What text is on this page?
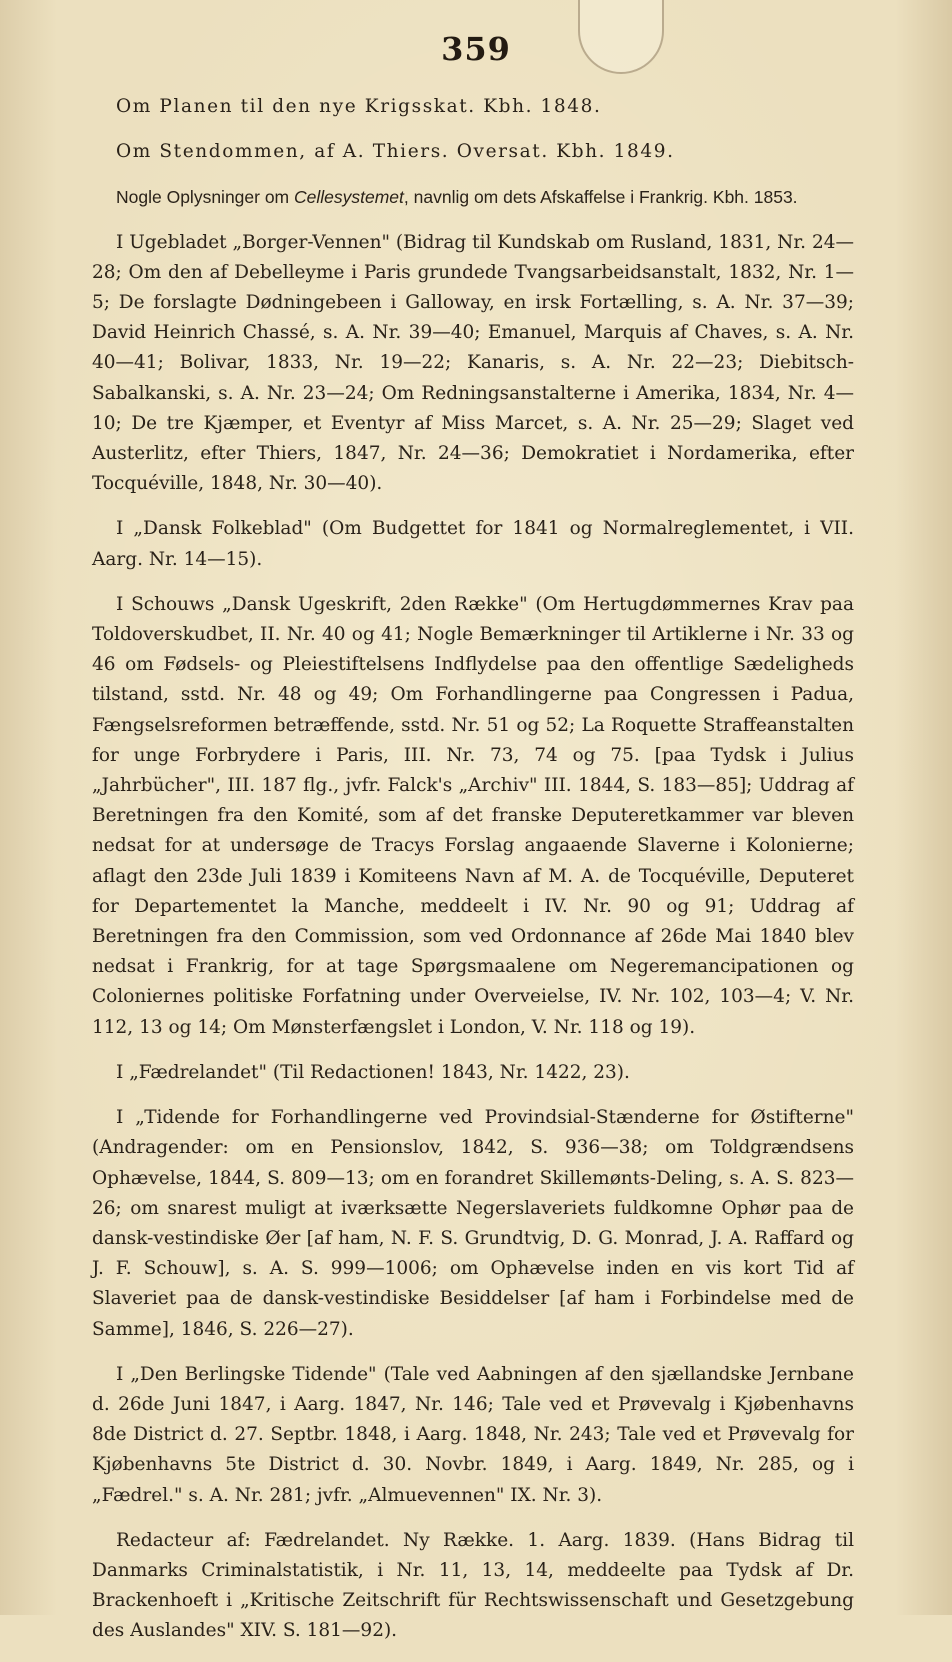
359

Om Planen til den nye Krigsskat. Kbh. 1848.

Om Stendommen, af A. Thiers. Oversat. Kbh. 1849.

Nogle Oplysninger om Cellesystemet, navnlig om dets Afskaffelse i Frankrig. Kbh. 1853.

I Ugebladet „Borger-Vennen" (Bidrag til Kundskab om Rusland, 1831, Nr. 24—28; Om den af Debelleyme i Paris grundede Tvangsarbeidsanstalt, 1832, Nr. 1—5; De forslagte Dødningebeen i Galloway, en irsk Fortælling, s. A. Nr. 37—39; David Heinrich Chassé, s. A. Nr. 39—40; Emanuel, Marquis af Chaves, s. A. Nr. 40—41; Bolivar, 1833, Nr. 19—22; Kanaris, s. A. Nr. 22—23; Diebitsch-Sabalkanski, s. A. Nr. 23—24; Om Redningsanstalterne i Amerika, 1834, Nr. 4—10; De tre Kjæmper, et Eventyr af Miss Marcet, s. A. Nr. 25—29; Slaget ved Austerlitz, efter Thiers, 1847, Nr. 24—36; Demokratiet i Nordamerika, efter Tocquéville, 1848, Nr. 30—40).

I „Dansk Folkeblad" (Om Budgettet for 1841 og Normalreglementet, i VII. Aarg. Nr. 14—15).

I Schouws „Dansk Ugeskrift, 2den Række" (Om Hertugdømmernes Krav paa Toldoverskudbet, II. Nr. 40 og 41; Nogle Bemærkninger til Artiklerne i Nr. 33 og 46 om Fødsels- og Pleiestiftelsens Indflydelse paa den offentlige Sædeligheds tilstand, sstd. Nr. 48 og 49; Om Forhandlingerne paa Congressen i Padua, Fængselsreformen betræffende, sstd. Nr. 51 og 52; La Roquette Straffeanstalten for unge Forbrydere i Paris, III. Nr. 73, 74 og 75. [paa Tydsk i Julius „Jahrbücher", III. 187 flg., jvfr. Falck's „Archiv" III. 1844, S. 183—85]; Uddrag af Beretningen fra den Komité, som af det franske Deputeretkammer var bleven nedsat for at undersøge de Tracys Forslag angaaende Slaverne i Kolonierne; aflagt den 23de Juli 1839 i Komiteens Navn af M. A. de Tocquéville, Deputeret for Departementet la Manche, meddeelt i IV. Nr. 90 og 91; Uddrag af Beretningen fra den Commission, som ved Ordonnance af 26de Mai 1840 blev nedsat i Frankrig, for at tage Spørgsmaalene om Negeremancipationen og Coloniernes politiske Forfatning under Overveielse, IV. Nr. 102, 103—4; V. Nr. 112, 13 og 14; Om Mønsterfængslet i London, V. Nr. 118 og 19).

I „Fædrelandet" (Til Redactionen! 1843, Nr. 1422, 23).

I „Tidende for Forhandlingerne ved Provindsial-Stænderne for Østifterne" (Andragender: om en Pensionslov, 1842, S. 936—38; om Toldgrændsens Ophævelse, 1844, S. 809—13; om en forandret Skillemønts-Deling, s. A. S. 823—26; om snarest muligt at iværksætte Negerslaveriets fuldkomne Ophør paa de dansk-vestindiske Øer [af ham, N. F. S. Grundtvig, D. G. Monrad, J. A. Raffard og J. F. Schouw], s. A. S. 999—1006; om Ophævelse inden en vis kort Tid af Slaveriet paa de dansk-vestindiske Besiddelser [af ham i Forbindelse med de Samme], 1846, S. 226—27).

I „Den Berlingske Tidende" (Tale ved Aabningen af den sjællandske Jernbane d. 26de Juni 1847, i Aarg. 1847, Nr. 146; Tale ved et Prøvevalg i Kjøbenhavns 8de District d. 27. Septbr. 1848, i Aarg. 1848, Nr. 243; Tale ved et Prøvevalg for Kjøbenhavns 5te District d. 30. Novbr. 1849, i Aarg. 1849, Nr. 285, og i „Fædrel." s. A. Nr. 281; jvfr. „Almuevennen" IX. Nr. 3).

Redacteur af: Fædrelandet. Ny Række. 1. Aarg. 1839. (Hans Bidrag til Danmarks Criminalstatistik, i Nr. 11, 13, 14, meddeelte paa Tydsk af Dr. Brackenhoeft i „Kritische Zeitschrift für Rechtswissenschaft und Gesetzgebung des Auslandes" XIV. S. 181—92).
